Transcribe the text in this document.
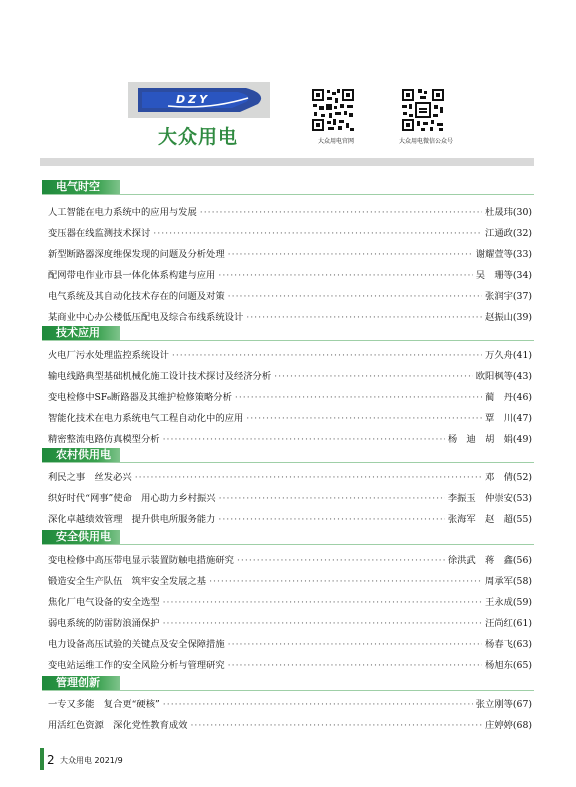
DZY
大众用电	大众用电官网	大众用电微信公众号
电气时空
人工智能在电力系统中的应用与发展 ·····	杜晟玮(30)
变压器在线监测技术探讨 ·····	江通政(32)
新型断路器深度维保发现的问题及分析处理 ·····	谢耀萱等(33)
配网带电作业市县一体化体系构建与应用 ·····	吴　珊等(34)
电气系统及其自动化技术存在的问题及对策 ·····	张润宇(37)
某商业中心办公楼低压配电及综合布线系统设计 ·····	赵振山(39)
技术应用
火电厂污水处理监控系统设计 ·····	万久舟(41)
输电线路典型基础机械化施工设计技术探讨及经济分析 ·····	欧阳枫等(43)
变电检修中SF₆断路器及其维护检修策略分析 ·····	蔺　丹(46)
智能化技术在电力系统电气工程自动化中的应用 ·····	覃　川(47)
精密整流电路仿真模型分析 ·····	杨　迪　胡　娟(49)
农村供用电
利民之事　丝发必兴 ·····	邓　倩(52)
织好时代“网事”使命　用心助力乡村振兴 ·····	李振玉　仲崇安(53)
深化卓越绩效管理　提升供电所服务能力 ·····	张海军　赵　超(55)
安全供用电
变电检修中高压带电显示装置防触电措施研究 ·····	徐洪武　蒋　鑫(56)
锻造安全生产队伍　筑牢安全发展之基 ·····	周承军(58)
焦化厂电气设备的安全选型 ·····	王永成(59)
弱电系统的防雷防浪涌保护 ·····	汪尚红(61)
电力设备高压试验的关键点及安全保障措施 ·····	杨春飞(63)
变电站运维工作的安全风险分析与管理研究 ·····	杨旭东(65)
管理创新
一专又多能　复合更“硬核” ·····	张立刚等(67)
用活红色资源　深化党性教育成效 ·····	庄婷婷(68)
2 大众用电 2021/9
